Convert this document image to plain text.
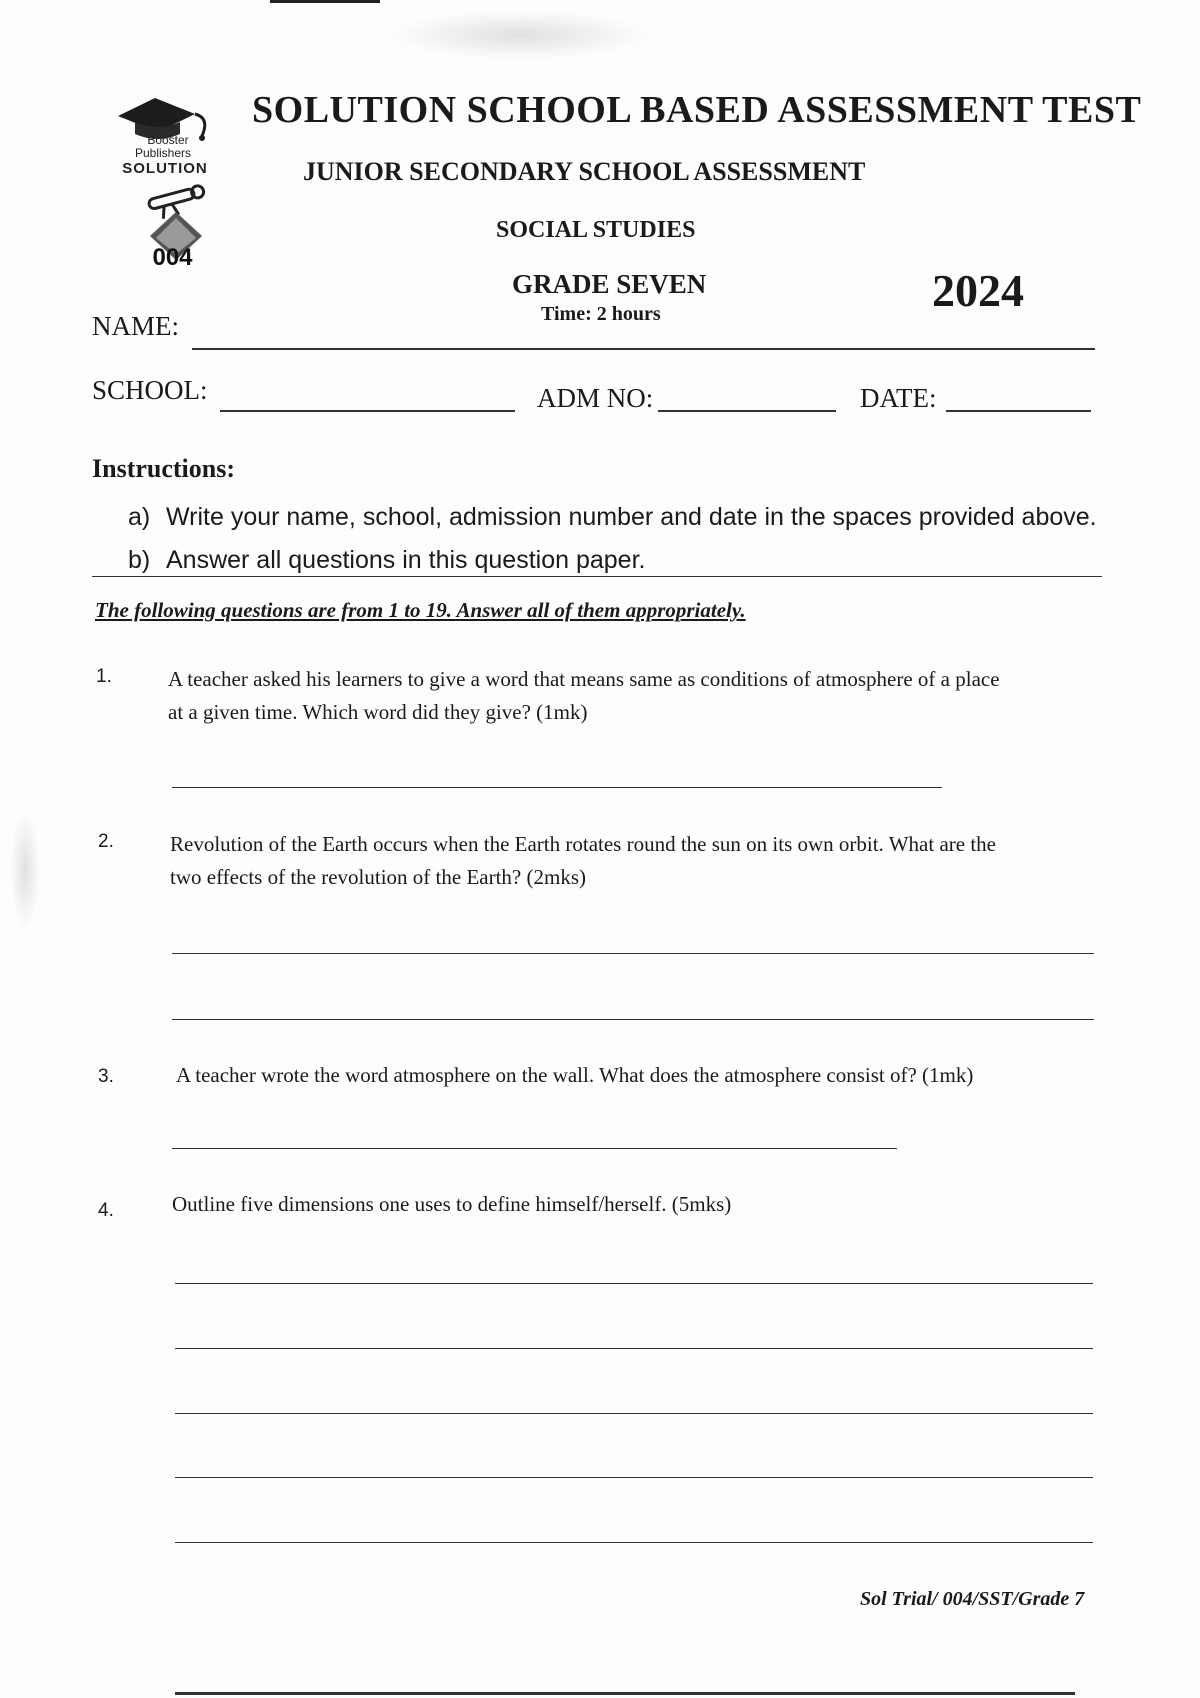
Booster
Publishers
SOLUTION
004
SOLUTION SCHOOL BASED ASSESSMENT TEST
JUNIOR SECONDARY SCHOOL ASSESSMENT
SOCIAL STUDIES
GRADE SEVEN
Time: 2 hours	2024
NAME:
SCHOOL:	ADM NO:	DATE:
Instructions:
a) Write your name, school, admission number and date in the spaces provided above.
b) Answer all questions in this question paper.
The following questions are from 1 to 19. Answer all of them appropriately.
1.	A teacher asked his learners to give a word that means same as conditions of atmosphere of a place
at a given time. Which word did they give? (1mk)
2.	Revolution of the Earth occurs when the Earth rotates round the sun on its own orbit. What are the
two effects of the revolution of the Earth? (2mks)
3.	A teacher wrote the word atmosphere on the wall. What does the atmosphere consist of? (1mk)
4.	Outline five dimensions one uses to define himself/herself. (5mks)
Sol Trial/ 004/SST/Grade 7
